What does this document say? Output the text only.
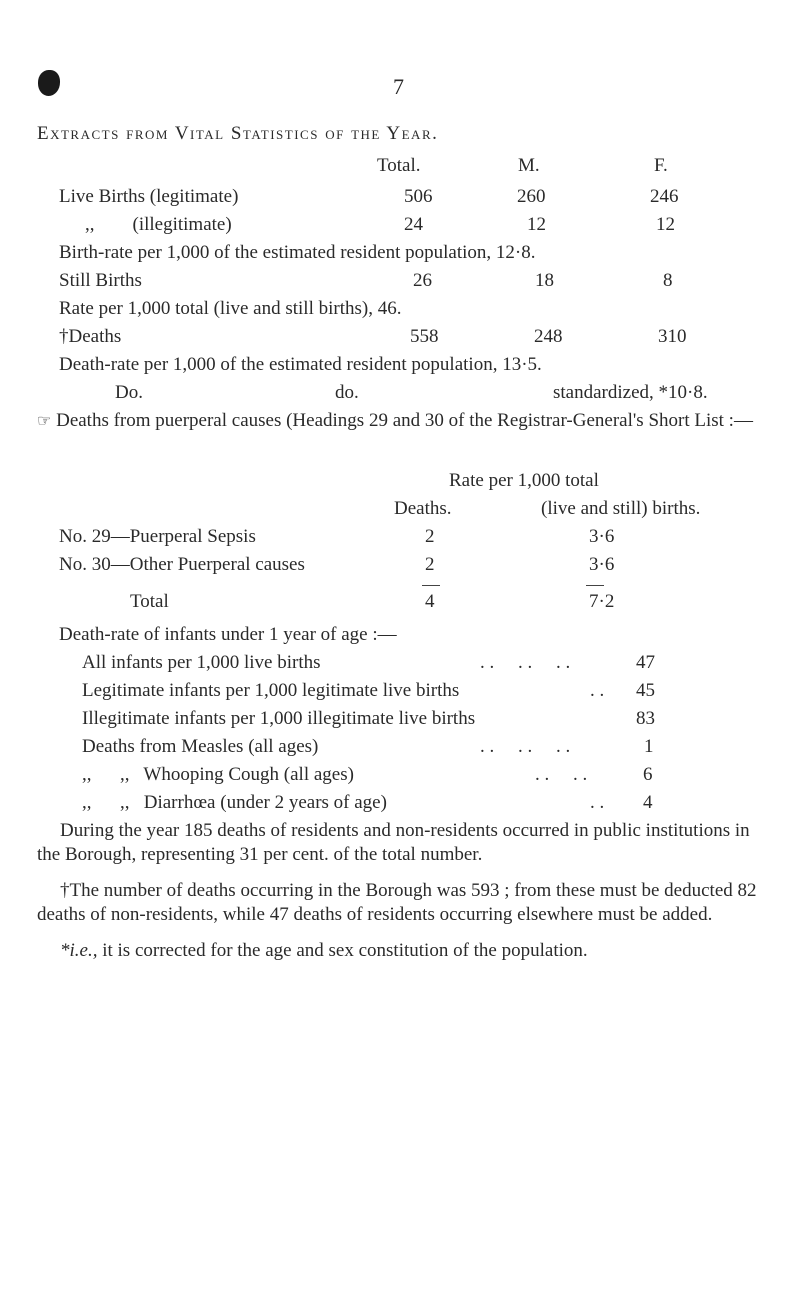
7
Extracts from Vital Statistics of the Year.
Total.	M.	F.
Live Births (legitimate)	506	260	246
,,        (illegitimate)	24	12	12
Birth-rate per 1,000 of the estimated resident population, 12·8.
Still Births	26	18	8
Rate per 1,000 total (live and still births), 46.
†Deaths	558	248	310
Death-rate per 1,000 of the estimated resident population, 13·5.
Do.	do.	standardized, *10·8.
☞ Deaths from puerperal causes (Headings 29 and 30 of the Registrar-General's Short List :—
Rate per 1,000 total
Deaths.	(live and still) births.
No. 29—Puerperal Sepsis	2	3·6
No. 30—Other Puerperal causes	2	3·6
Total	4	7·2
Death-rate of infants under 1 year of age :—
All infants per 1,000 live births	. .     . .     . .	47
Legitimate infants per 1,000 legitimate live births	. . 45
Illegitimate infants per 1,000 illegitimate live births	83
Deaths from Measles (all ages)	. .     . .     . .	1
,,      ,,   Whooping Cough (all ages)	. .     . .	6
,,      ,,   Diarrhœa (under 2 years of age)	. . 4
During the year 185 deaths of residents and non-residents occurred in public institutions in the Borough, representing 31 per cent. of the total number.
†The number of deaths occurring in the Borough was 593 ; from these must be deducted 82 deaths of non-residents, while 47 deaths of residents occurring elsewhere must be added.
*i.e., it is corrected for the age and sex constitution of the population.
